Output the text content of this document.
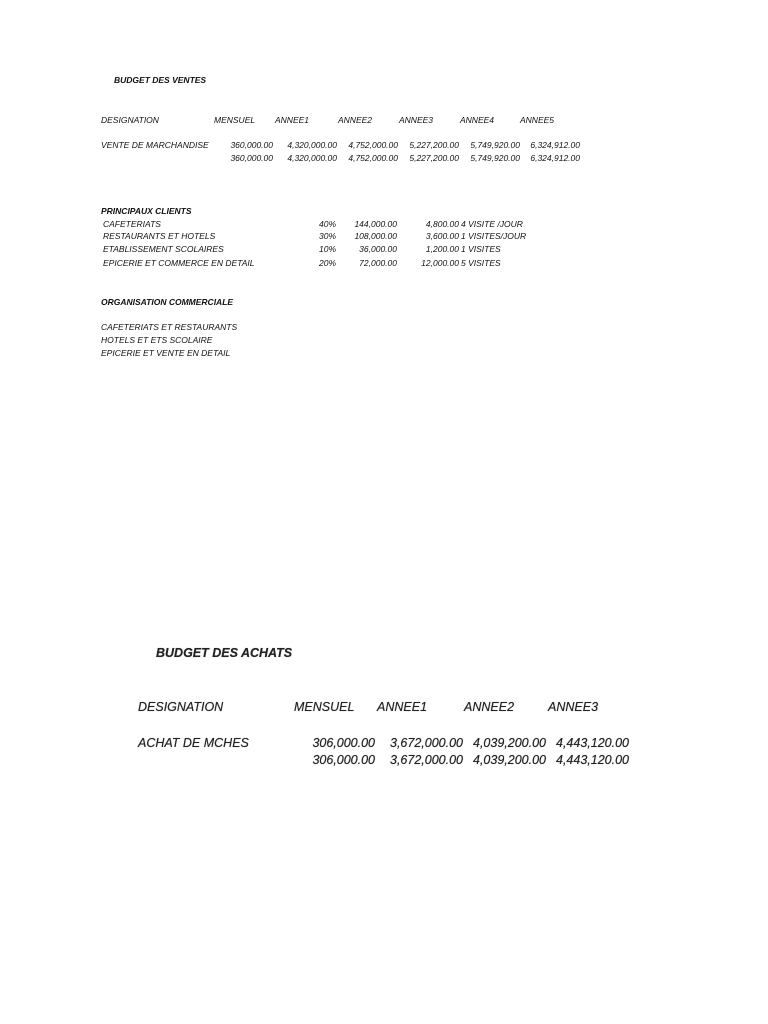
BUDGET DES VENTES
DESIGNATION	MENSUEL ANNEE1	ANNEE2	ANNEE3	ANNEE4	ANNEE5
VENTE DE MARCHANDISE	360,000.00	4,320,000.00	4,752,000.00	5,227,200.00	5,749,920.00	6,324,912.00
360,000.00	4,320,000.00	4,752,000.00	5,227,200.00	5,749,920.00	6,324,912.00
PRINCIPAUX CLIENTS
CAFETERIATS	40%	144,000.00	4,800.00 4 VISITE /JOUR
RESTAURANTS ET HOTELS	30%	108,000.00	3,600.00 1 VISITES/JOUR
ETABLISSEMENT SCOLAIRES	10%	36,000.00	1,200.00 1 VISITES
EPICERIE ET COMMERCE EN DETAIL	20%	72,000.00	12,000.00 5 VISITES
ORGANISATION COMMERCIALE
CAFETERIATS ET RESTAURANTS
HOTELS ET ETS SCOLAIRE
EPICERIE ET VENTE EN DETAIL
BUDGET DES ACHATS
DESIGNATION	MENSUEL ANNEE1	ANNEE2	ANNEE3
ACHAT DE MCHES	306,000.00	3,672,000.00 4,039,200.00 4,443,120.00
306,000.00	3,672,000.00 4,039,200.00 4,443,120.00
